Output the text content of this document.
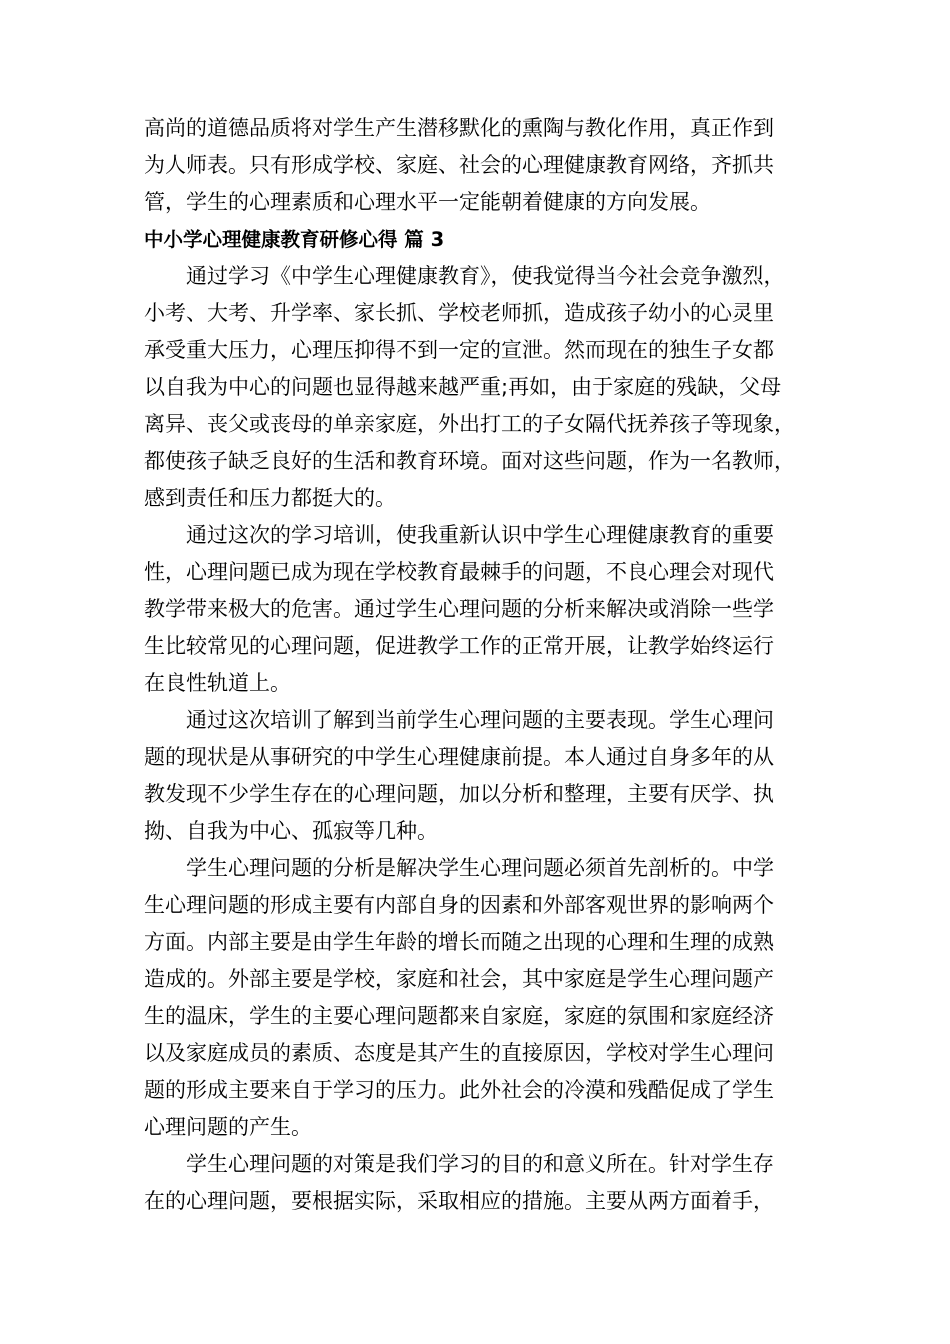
高尚的道德品质将对学生产生潜移默化的熏陶与教化作用，真正作到
为人师表。只有形成学校、家庭、社会的心理健康教育网络，齐抓共
管，学生的心理素质和心理水平一定能朝着健康的方向发展。
中小学心理健康教育研修心得 篇 3
通过学习《中学生心理健康教育》，使我觉得当今社会竞争激烈，
小考、大考、升学率、家长抓、学校老师抓，造成孩子幼小的心灵里
承受重大压力，心理压抑得不到一定的宣泄。然而现在的独生子女都
以自我为中心的问题也显得越来越严重;再如，由于家庭的残缺，父母
离异、丧父或丧母的单亲家庭，外出打工的子女隔代抚养孩子等现象，
都使孩子缺乏良好的生活和教育环境。面对这些问题，作为一名教师，
感到责任和压力都挺大的。
通过这次的学习培训，使我重新认识中学生心理健康教育的重要
性，心理问题已成为现在学校教育最棘手的问题，不良心理会对现代
教学带来极大的危害。通过学生心理问题的分析来解决或消除一些学
生比较常见的心理问题，促进教学工作的正常开展，让教学始终运行
在良性轨道上。
通过这次培训了解到当前学生心理问题的主要表现。学生心理问
题的现状是从事研究的中学生心理健康前提。本人通过自身多年的从
教发现不少学生存在的心理问题，加以分析和整理，主要有厌学、执
拗、自我为中心、孤寂等几种。
学生心理问题的分析是解决学生心理问题必须首先剖析的。中学
生心理问题的形成主要有内部自身的因素和外部客观世界的影响两个
方面。内部主要是由学生年龄的增长而随之出现的心理和生理的成熟
造成的。外部主要是学校，家庭和社会，其中家庭是学生心理问题产
生的温床，学生的主要心理问题都来自家庭，家庭的氛围和家庭经济
以及家庭成员的素质、态度是其产生的直接原因，学校对学生心理问
题的形成主要来自于学习的压力。此外社会的冷漠和残酷促成了学生
心理问题的产生。
学生心理问题的对策是我们学习的目的和意义所在。针对学生存
在的心理问题，要根据实际，采取相应的措施。主要从两方面着手，
